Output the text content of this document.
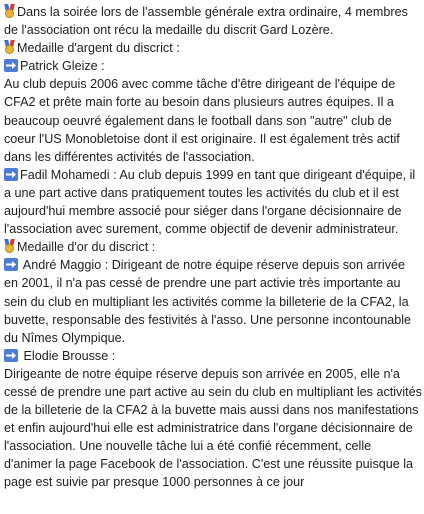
Dans la soirée lors de l'assemble générale extra ordinaire, 4 membres de l'association ont récu la medaille du discrit Gard Lozère.

Medaille d'argent du discrict :

Patrick Gleize :

Au club depuis 2006 avec comme tâche d'être dirigeant de l'équipe de CFA2 et prête main forte au besoin dans plusieurs autres équipes. Il a beaucoup oeuvré également dans le football dans son "autre" club de coeur l'US Monobletoise dont il est originaire. Il est également très actif dans les différentes activités de l'association.

Fadil Mohamedi : Au club depuis 1999 en tant que dirigeant d'équipe, il a une part active dans pratiquement toutes les activités du club et il est aujourd'hui membre associé pour siéger dans l'organe décisionnaire de l'association avec surement, comme objectif de devenir administrateur.

Medaille d'or du discrict :

André Maggio : Dirigeant de notre équipe réserve depuis son arrivée en 2001, il n'a pas cessé de prendre une part activie très importante au sein du club en multipliant les activités comme la billeterie de la CFA2, la buvette, responsable des festivités à l'asso. Une personne incontounable du Nîmes Olympique.

Elodie Brousse :

Dirigeante de notre équipe réserve depuis son arrivée en 2005, elle n'a cessé de prendre une part active au sein du club en multipliant les activités de la billeterie de la CFA2 à la buvette mais aussi dans nos manifestations et enfin aujourd'hui elle est administratrice dans l'organe décisionnaire de l'association. Une nouvelle tâche lui a été confié récemment, celle d'animer la page Facebook de l'association. C'est une réussite puisque la page est suivie par presque 1000 personnes à ce jour
